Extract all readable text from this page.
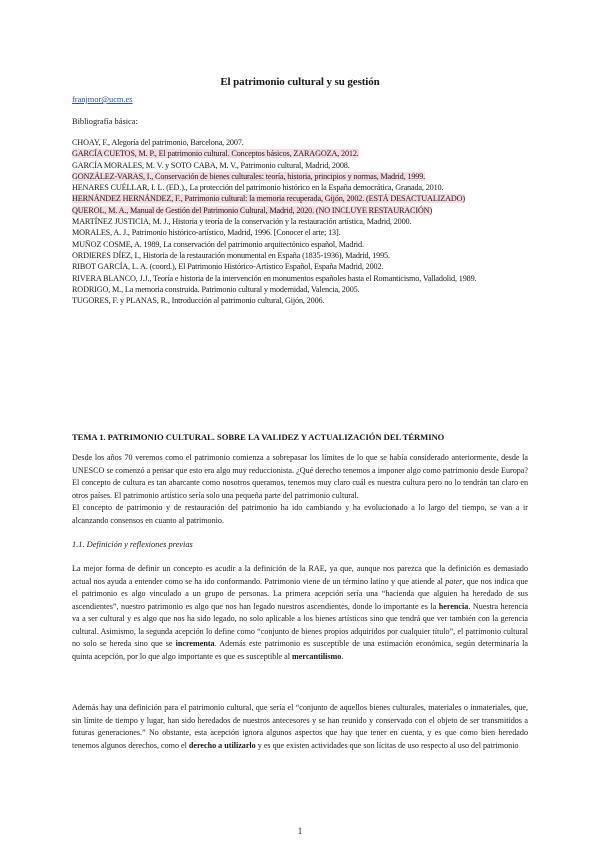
El patrimonio cultural y su gestión
franjmor@ucm.es
Bibliografía básica:
CHOAY, F., Alegoría del patrimonio, Barcelona, 2007.
GARCÍA CUETOS, M. P., El patrimonio cultural. Conceptos básicos, ZARAGOZA, 2012.
GARCÍA MORALES, M. V. y SOTO CABA, M. V., Patrimonio cultural, Madrid, 2008.
GONZÁLEZ-VARAS, I., Conservación de bienes culturales: teoría, historia, principios y normas, Madrid, 1999.
HENARES CUÉLLAR, I. L. (ED.)., La protección del patrimonio histórico en la España democrática, Granada, 2010.
HERNÁNDEZ HERNÁNDEZ, F., Patrimonio cultural: la memoria recuperada, Gijón, 2002. (ESTÁ DESACTUALIZADO)
QUEROL, M. A., Manual de Gestión del Patrimonio Cultural, Madrid, 2020. (NO INCLUYE RESTAURACIÓN)
MARTÍNEZ JUSTICIA, M. J., Historia y teoría de la conservación y la restauración artística, Madrid, 2000.
MORALES, A. J., Patrimonio histórico-artístico, Madrid, 1996. [Conocer el arte; 13].
MUÑOZ COSME, A. 1989, La conservación del patrimonio arquitectónico español, Madrid.
ORDIERES DÍEZ, I., Historia de la restauración monumental en España (1835-1936), Madrid, 1995.
RIBOT GARCÍA, L. A. (coord.), El Patrimonio Histórico-Artístico Español, España Madrid, 2002.
RIVERA BLANCO, J.J., Teoría e historia de la intervención en monumentos españoles hasta el Romanticismo, Valladolid, 1989.
RODRIGO, M., La memoria construida. Patrimonio cultural y modernidad, Valencia, 2005.
TUGORES, F. y PLANAS, R., Introducción al patrimonio cultural, Gijón, 2006.
TEMA 1. PATRIMONIO CULTURAL. SOBRE LA VALIDEZ Y ACTUALIZACIÓN DEL TÉRMINO

Desde los años 70 veremos como el patrimonio comienza a sobrepasar los límites de lo que se había considerado anteriormente, desde la UNESCO se comenzó a pensar que esto era algo muy reduccionista. ¿Qué derecho tenemos a imponer algo como patrimonio desde Europa? El concepto de cultura es tan abarcante como nosotros queramos, tenemos muy claro cuál es nuestra cultura pero no lo tendrán tan claro en otros países. El patrimonio artístico sería solo una pequeña parte del patrimonio cultural.

El concepto de patrimonio y de restauración del patrimonio ha ido cambiando y ha evolucionado a lo largo del tiempo, se van a ir alcanzando consensos en cuanto al patrimonio.

1.1. Definición y reflexiones previas

La mejor forma de definir un concepto es acudir a la definición de la RAE, ya que, aunque nos parezca que la definición es demasiado actual nos ayuda a entender como se ha ido conformando. Patrimonio viene de un término latino y que atiende al pater, que nos indica que el patrimonio es algo vinculado a un grupo de personas. La primera acepción sería una “hacienda que alguien ha heredado de sus ascendientes”, nuestro patrimonio es algo que nos han legado nuestros ascendientes, donde lo importante es la herencia. Nuestra herencia va a ser cultural y es algo que nos ha sido legado, no solo aplicable a los bienes artísticos sino que tendrá que ver también con la gerencia cultural. Asimismo, la segunda acepción lo define como “conjunto de bienes propios adquiridos por cualquier título”, el patrimonio cultural no solo se hereda sino que se incrementa. Además este patrimonio es susceptible de una estimación económica, según determinaría la quinta acepción, por lo que algo importante es que es susceptible al mercantilismo.

Además hay una definición para el patrimonio cultural, que sería el “conjunto de aquellos bienes culturales, materiales o inmateriales, que, sin límite de tiempo y lugar, han sido heredados de nuestros antecesores y se han reunido y conservado con el objeto de ser transmitidos a futuras generaciones.” No obstante, esta acepción ignora algunos aspectos que hay que tener en cuenta, y es que como bien heredado tenemos algunos derechos, como el derecho a utilizarlo y es que existen actividades que son lícitas de uso respecto al uso del patrimonio

1
